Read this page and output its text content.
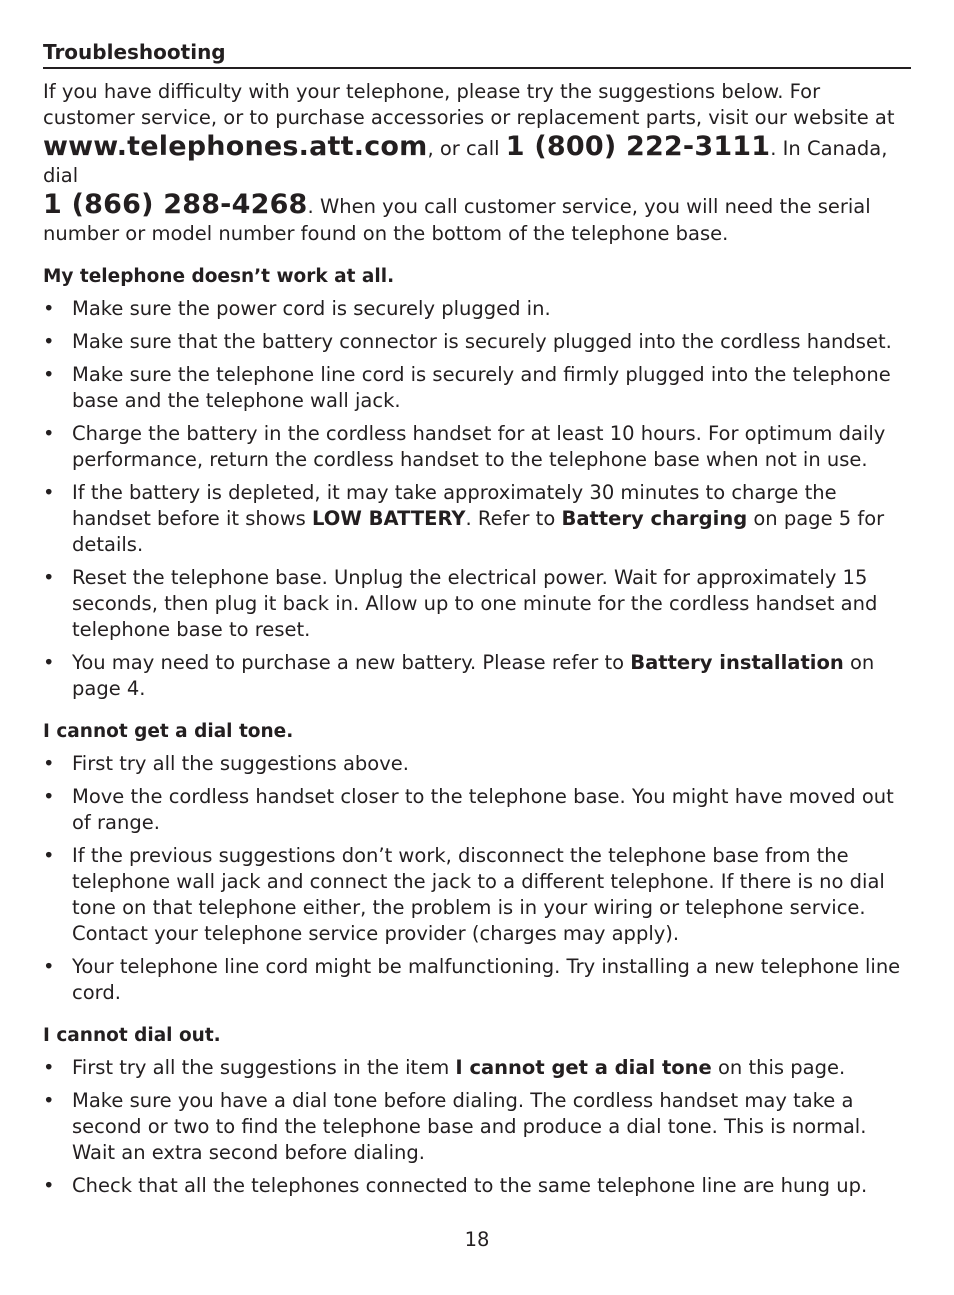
Troubleshooting

If you have difficulty with your telephone, please try the suggestions below. For customer service, or to purchase accessories or replacement parts, visit our website at www.telephones.att.com, or call 1 (800) 222-3111. In Canada, dial
1 (866) 288-4268. When you call customer service, you will need the serial number or model number found on the bottom of the telephone base.

My telephone doesn’t work at all.
• Make sure the power cord is securely plugged in.
• Make sure that the battery connector is securely plugged into the cordless handset.
• Make sure the telephone line cord is securely and firmly plugged into the telephone base and the telephone wall jack.
• Charge the battery in the cordless handset for at least 10 hours. For optimum daily performance, return the cordless handset to the telephone base when not in use.
• If the battery is depleted, it may take approximately 30 minutes to charge the handset before it shows LOW BATTERY. Refer to Battery charging on page 5 for details.
• Reset the telephone base. Unplug the electrical power. Wait for approximately 15 seconds, then plug it back in. Allow up to one minute for the cordless handset and telephone base to reset.
• You may need to purchase a new battery. Please refer to Battery installation on page 4.
I cannot get a dial tone.
• First try all the suggestions above.
• Move the cordless handset closer to the telephone base. You might have moved out of range.
• If the previous suggestions don’t work, disconnect the telephone base from the telephone wall jack and connect the jack to a different telephone. If there is no dial tone on that telephone either, the problem is in your wiring or telephone service. Contact your telephone service provider (charges may apply).
• Your telephone line cord might be malfunctioning. Try installing a new telephone line cord.
I cannot dial out.
• First try all the suggestions in the item I cannot get a dial tone on this page.
• Make sure you have a dial tone before dialing. The cordless handset may take a second or two to find the telephone base and produce a dial tone. This is normal. Wait an extra second before dialing.
• Check that all the telephones connected to the same telephone line are hung up.
18
